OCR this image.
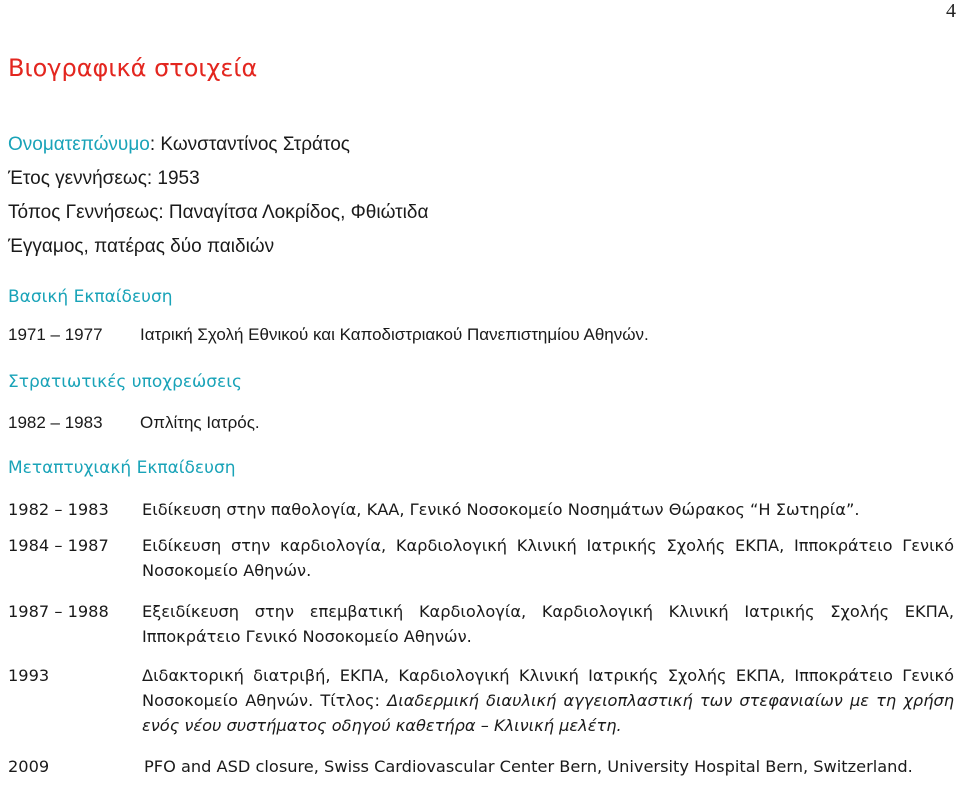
4
Βιογραφικά στοιχεία
Ονοματεπώνυμο: Κωνσταντίνος Στράτος
Έτος γεννήσεως: 1953
Τόπος Γεννήσεως: Παναγίτσα Λοκρίδος, Φθιώτιδα
Έγγαμος, πατέρας δύο παιδιών
Βασική Εκπαίδευση
1971 – 1977 Ιατρική Σχολή Εθνικού και Καποδιστριακού Πανεπιστημίου Αθηνών.
Στρατιωτικές υποχρεώσεις
1982 – 1983 Οπλίτης Ιατρός.
Μεταπτυχιακή Εκπαίδευση
1982 – 1983 Ειδίκευση στην παθολογία, ΚΑΑ, Γενικό Νοσοκομείο Νοσημάτων Θώρακος “Η Σωτηρία”.
1984 – 1987 Ειδίκευση στην καρδιολογία, Καρδιολογική Κλινική Ιατρικής Σχολής ΕΚΠΑ, Ιπποκράτειο Γενικό Νοσοκομείο Αθηνών.
1987 – 1988 Εξειδίκευση στην επεμβατική Καρδιολογία, Καρδιολογική Κλινική Ιατρικής Σχολής ΕΚΠΑ, Ιπποκράτειο Γενικό Νοσοκομείο Αθηνών.
1993	Διδακτορική διατριβή, ΕΚΠΑ, Καρδιολογική Κλινική Ιατρικής Σχολής ΕΚΠΑ, Ιπποκράτειο Γενικό Νοσοκομείο Αθηνών. Τίτλος: Διαδερμική διαυλική αγγειοπλαστική των στεφανιαίων με τη χρήση ενός νέου συστήματος οδηγού καθετήρα – Κλινική μελέτη.
2009	PFO and ASD closure, Swiss Cardiovascular Center Bern, University Hospital Bern, Switzerland.
